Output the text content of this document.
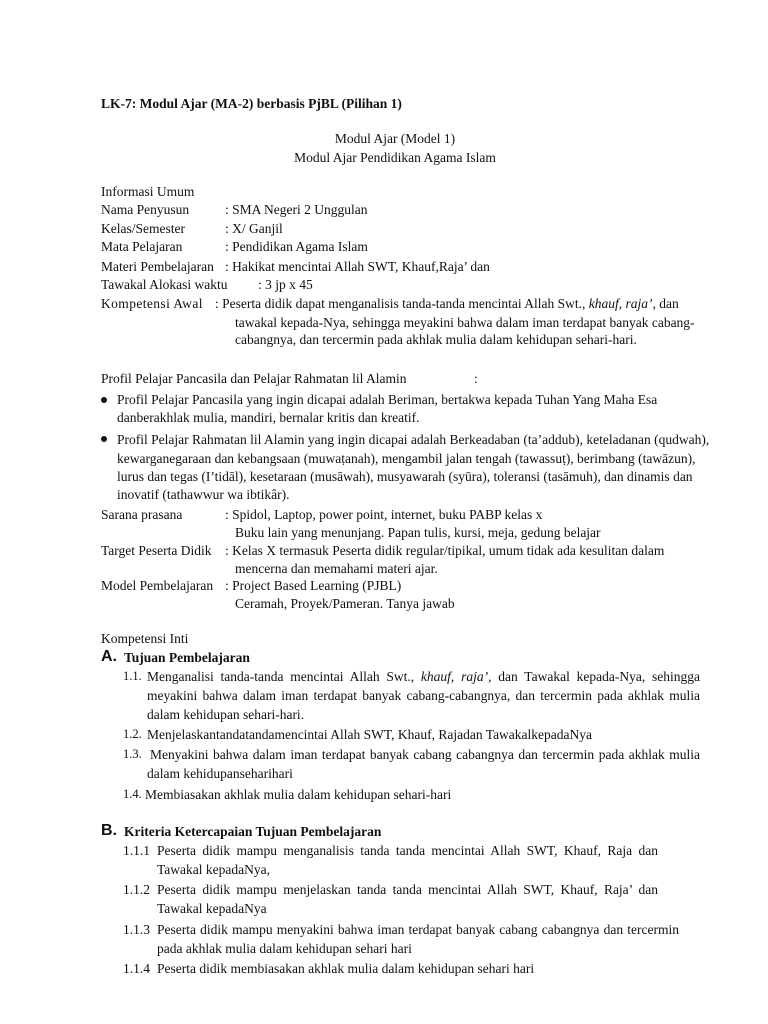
LK-7: Modul Ajar (MA-2) berbasis PjBL (Pilihan 1)
Modul Ajar (Model 1)
Modul Ajar Pendidikan Agama Islam
Informasi Umum
Nama Penyusun	: SMA Negeri 2 Unggulan
Kelas/Semester	: X/ Ganjil
Mata Pelajaran	: Pendidikan Agama Islam
Materi Pembelajaran : Hakikat mencintai Allah SWT, Khauf,Raja’ dan
Tawakal Alokasi waktu : 3 jp x 45
Kompetensi Awal : Peserta didik dapat menganalisis tanda-tanda mencintai Allah Swt., khauf, raja’, dan
tawakal kepada-Nya, sehingga meyakini bahwa dalam iman terdapat banyak cabang-
cabangnya, dan tercermin pada akhlak mulia dalam kehidupan sehari-hari.
Profil Pelajar Pancasila dan Pelajar Rahmatan lil Alamin	:
Profil Pelajar Pancasila yang ingin dicapai adalah Beriman, bertakwa kepada Tuhan Yang Maha Esa
danberakhlak mulia, mandiri, bernalar kritis dan kreatif.
Profil Pelajar Rahmatan lil Alamin yang ingin dicapai adalah Berkeadaban (ta’addub), keteladanan (qudwah),
kewarganegaraan dan kebangsaan (muwaṭanah), mengambil jalan tengah (tawassuṭ), berimbang (tawāzun),
lurus dan tegas (I’tidāl), kesetaraan (musāwah), musyawarah (syūra), toleransi (tasāmuh), dan dinamis dan
inovatif (tathawwur wa ibtikâr).
Sarana prasana	: Spidol, Laptop, power point, internet, buku PABP kelas x
Buku lain yang menunjang. Papan tulis, kursi, meja, gedung belajar
Target Peserta Didik : Kelas X termasuk Peserta didik regular/tipikal, umum tidak ada kesulitan dalam
mencerna dan memahami materi ajar.
Model Pembelajaran : Project Based Learning (PJBL)
Ceramah, Proyek/Pameran. Tanya jawab
Kompetensi Inti
A. Tujuan Pembelajaran
1.1. Menganalisi tanda-tanda mencintai Allah Swt., khauf, raja’, dan Tawakal kepada-Nya, sehingga
meyakini bahwa dalam iman terdapat banyak cabang-cabangnya, dan tercermin pada akhlak mulia
dalam kehidupan sehari-hari.
1.2. Menjelaskantandatandamencintai Allah SWT, Khauf, Rajadan TawakalkepadaNya
1.3. Menyakini bahwa dalam iman terdapat banyak cabang cabangnya dan tercermin pada akhlak mulia
dalam kehidupanseharihari
1.4. Membiasakan akhlak mulia dalam kehidupan sehari-hari
B. Kriteria Ketercapaian Tujuan Pembelajaran
1.1.1 Peserta didik mampu menganalisis tanda tanda mencintai Allah SWT, Khauf, Raja dan
Tawakal kepadaNya,
1.1.2 Peserta didik mampu menjelaskan tanda tanda mencintai Allah SWT, Khauf, Raja’ dan
Tawakal kepadaNya
1.1.3 Peserta didik mampu menyakini bahwa iman terdapat banyak cabang cabangnya dan tercermin
pada akhlak mulia dalam kehidupan sehari hari
1.1.4 Peserta didik membiasakan akhlak mulia dalam kehidupan sehari hari
